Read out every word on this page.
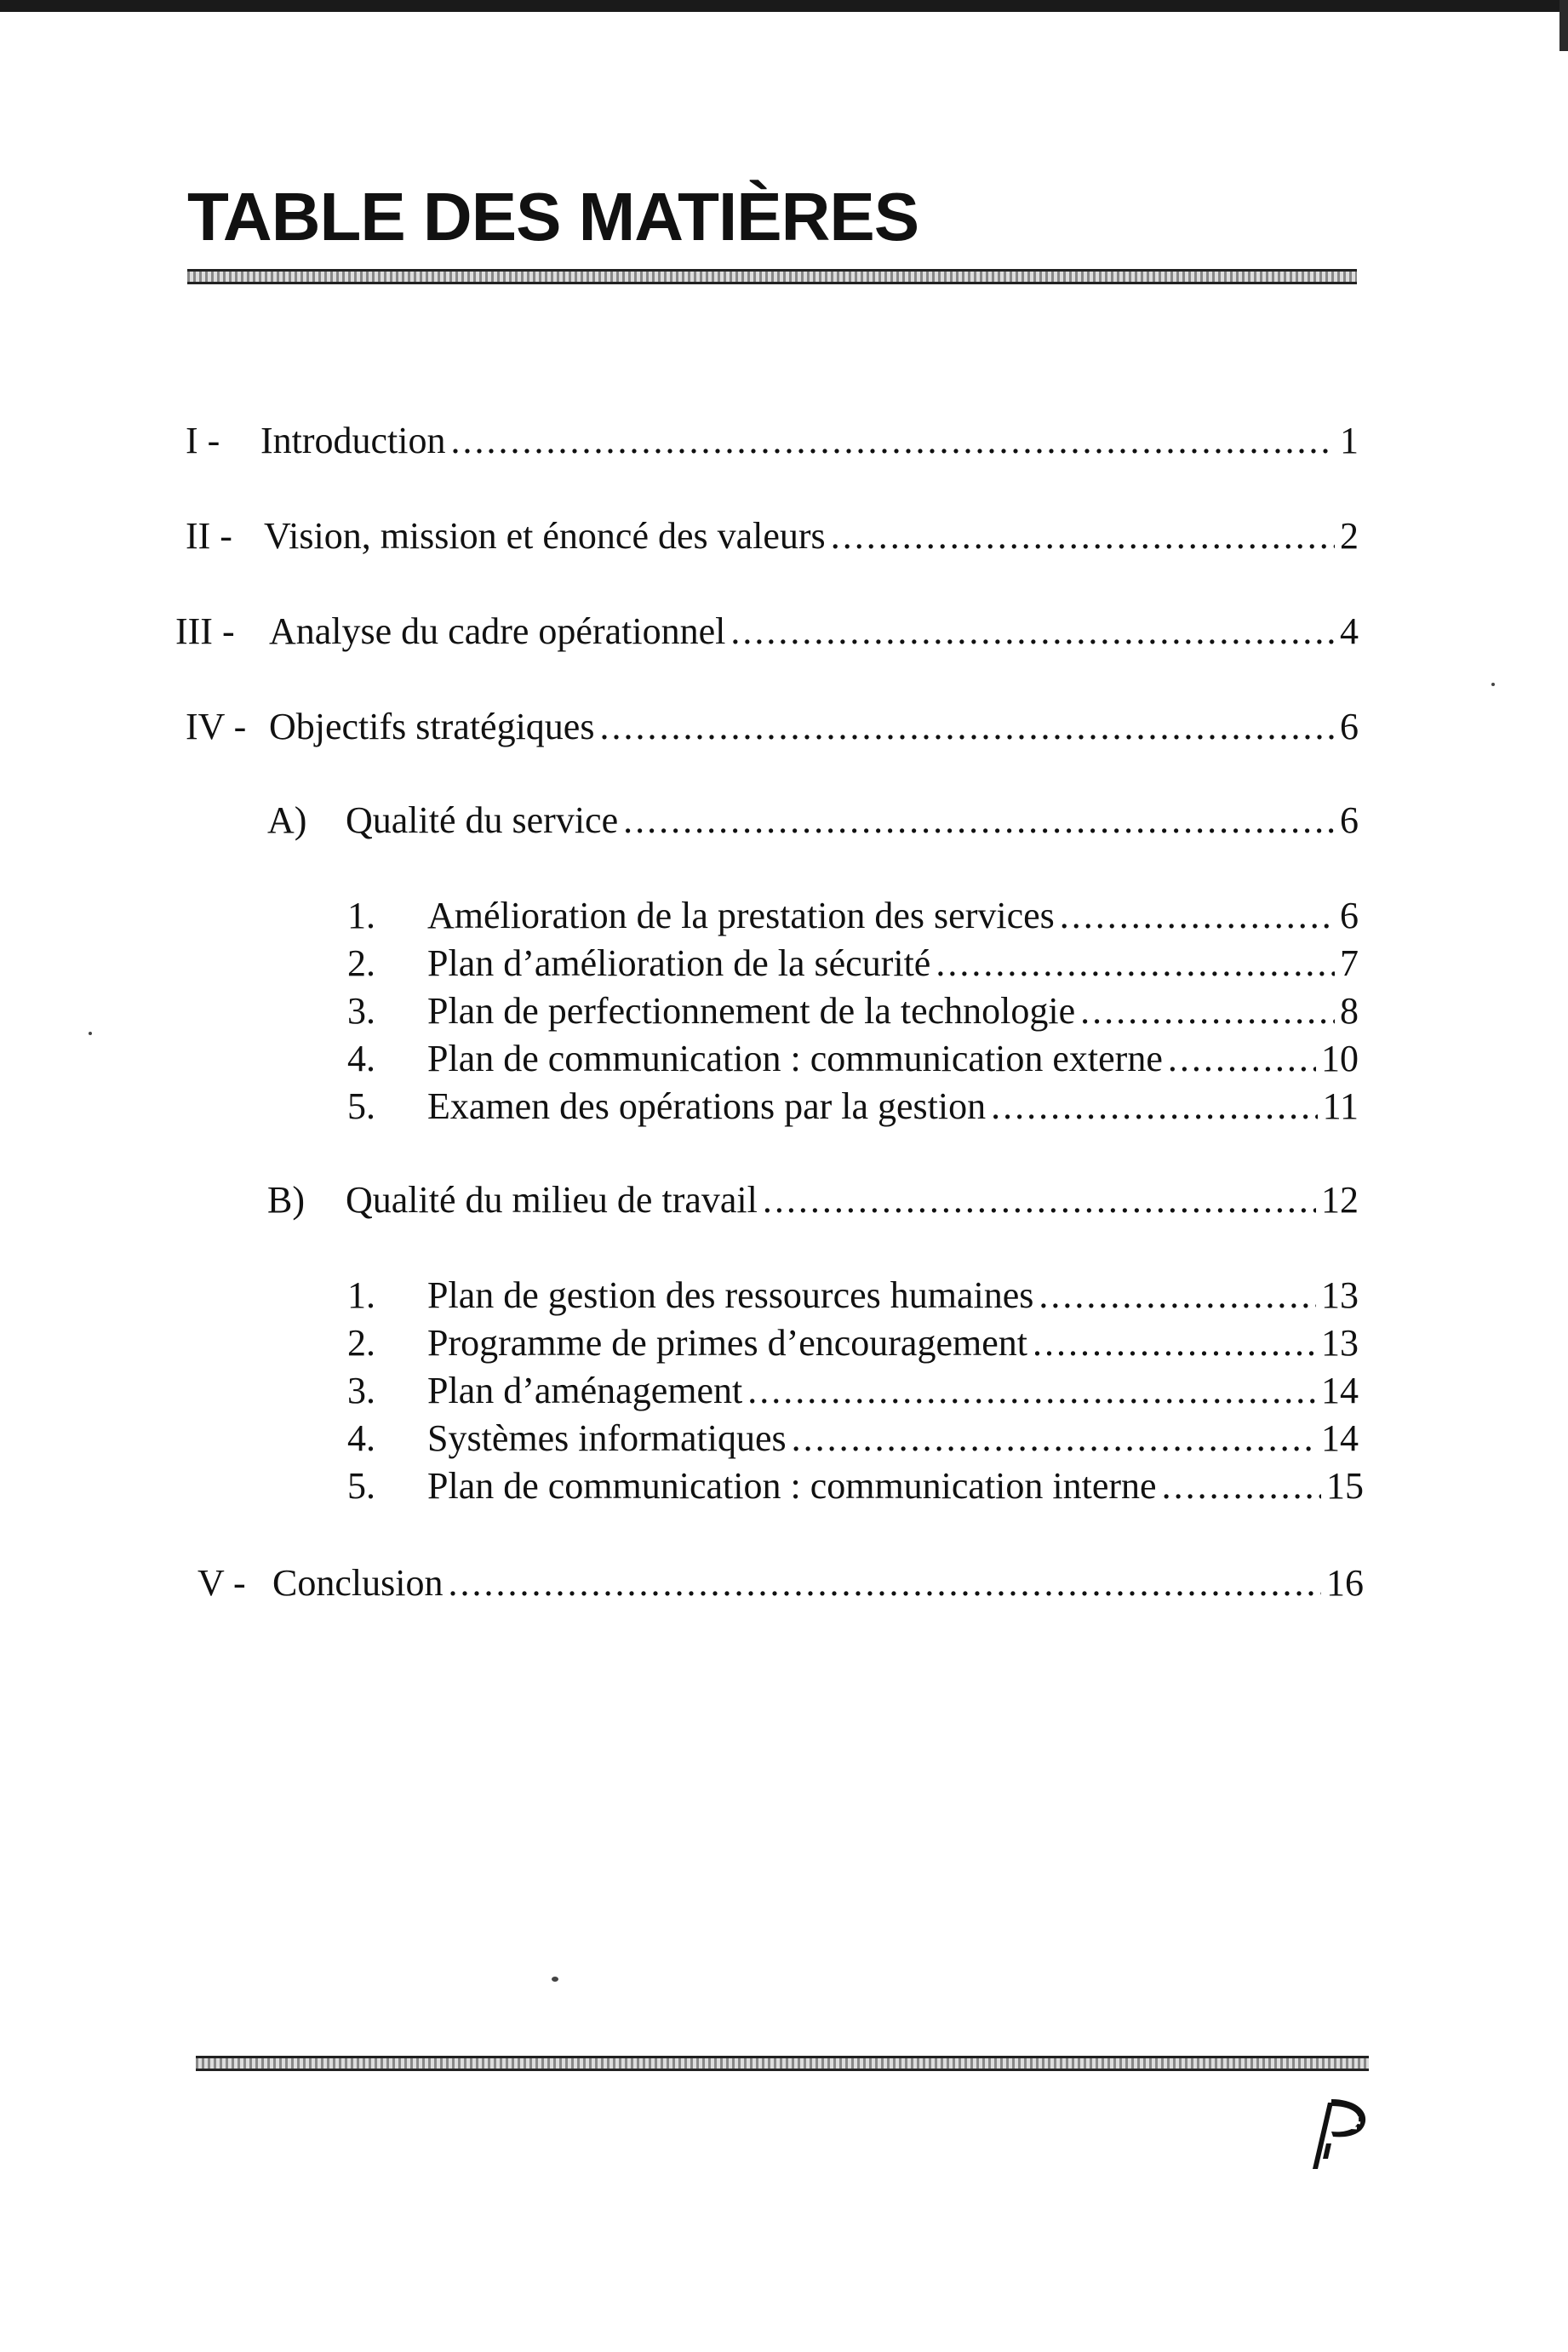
TABLE DES MATIÈRES
I -	Introduction . . .	1
II - Vision, mission et énoncé des valeurs . . .	2
III - Analyse du cadre opérationnel . . .	4
IV - Objectifs stratégiques . . .	6
A)	Qualité du service . . .	6
1.	Amélioration de la prestation des services . . .	6
2.	Plan d’amélioration de la sécurité . . .	7
3.	Plan de perfectionnement de la technologie . . .	8
4.	Plan de communication : communication externe . . .	10
5.	Examen des opérations par la gestion . . .	11
B)	Qualité du milieu de travail . . .	12
1.	Plan de gestion des ressources humaines . . .	13
2.	Programme de primes d’encouragement . . .	13
3.	Plan d’aménagement . . .	14
4.	Systèmes informatiques . . .	14
5.	Plan de communication : communication interne . . .	15
V - Conclusion . . .	16
